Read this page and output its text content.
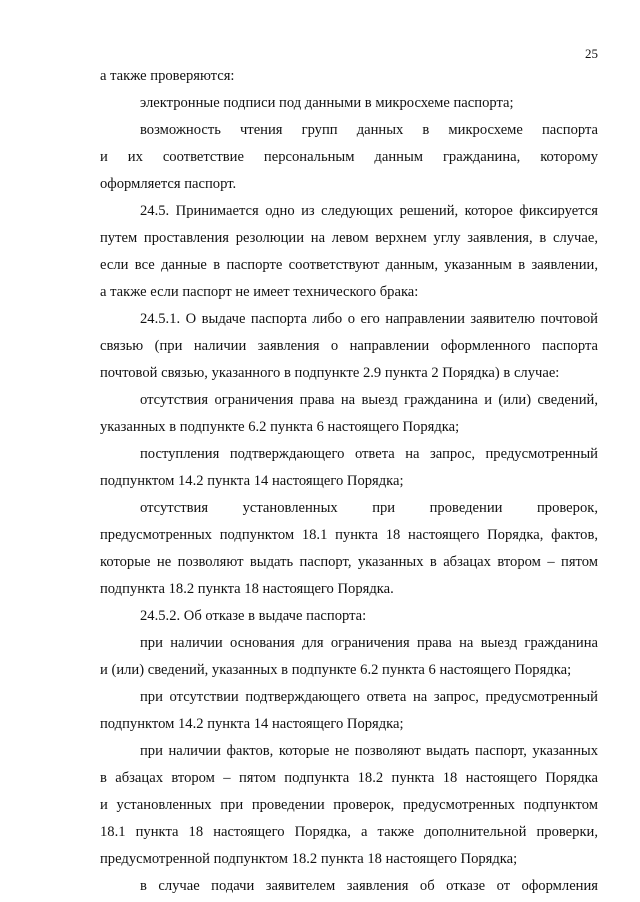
25
а также проверяются:
электронные подписи под данными в микросхеме паспорта;
возможность чтения групп данных в микросхеме паспорта
и их соответствие персональным данным гражданина, которому
оформляется паспорт.
24.5. Принимается одно из следующих решений, которое фиксируется
путем проставления резолюции на левом верхнем углу заявления, в случае,
если все данные в паспорте соответствуют данным, указанным в заявлении,
а также если паспорт не имеет технического брака:
24.5.1. О выдаче паспорта либо о его направлении заявителю почтовой
связью (при наличии заявления о направлении оформленного паспорта
почтовой связью, указанного в подпункте 2.9 пункта 2 Порядка) в случае:
отсутствия ограничения права на выезд гражданина и (или) сведений,
указанных в подпункте 6.2 пункта 6 настоящего Порядка;
поступления подтверждающего ответа на запрос, предусмотренный
подпунктом 14.2 пункта 14 настоящего Порядка;
отсутствия установленных при проведении проверок,
предусмотренных подпунктом 18.1 пункта 18 настоящего Порядка, фактов,
которые не позволяют выдать паспорт, указанных в абзацах втором – пятом
подпункта 18.2 пункта 18 настоящего Порядка.
24.5.2. Об отказе в выдаче паспорта:
при наличии основания для ограничения права на выезд гражданина
и (или) сведений, указанных в подпункте 6.2 пункта 6 настоящего Порядка;
при отсутствии подтверждающего ответа на запрос, предусмотренный
подпунктом 14.2 пункта 14 настоящего Порядка;
при наличии фактов, которые не позволяют выдать паспорт, указанных
в абзацах втором – пятом подпункта 18.2 пункта 18 настоящего Порядка
и установленных при проведении проверок, предусмотренных подпунктом
18.1 пункта 18 настоящего Порядка, а также дополнительной проверки,
предусмотренной подпунктом 18.2 пункта 18 настоящего Порядка;
в случае подачи заявителем заявления об отказе от оформления
